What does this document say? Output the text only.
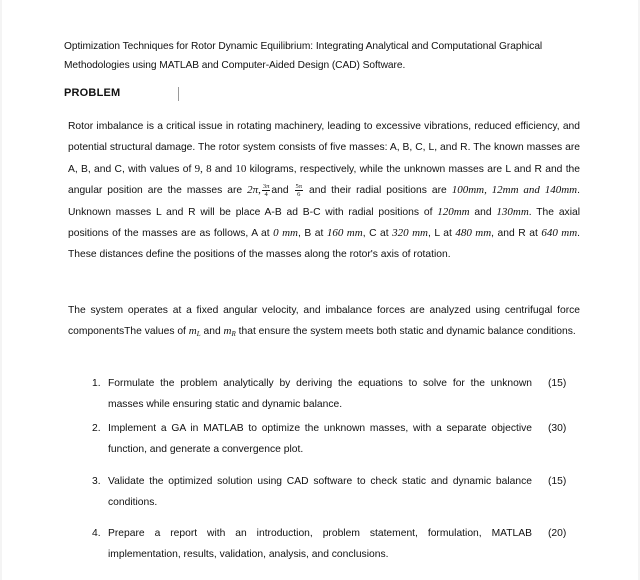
Optimization Techniques for Rotor Dynamic Equilibrium: Integrating Analytical and Computational Graphical Methodologies using MATLAB and Computer-Aided Design (CAD) Software.
PROBLEM
Rotor imbalance is a critical issue in rotating machinery, leading to excessive vibrations, reduced efficiency, and potential structural damage. The rotor system consists of five masses: A, B, C, L, and R. The known masses are A, B, and C, with values of 9, 8 and 10 kilograms, respectively, while the unknown masses are L and R and the angular position are the masses are 2π, $\frac{3\pi}{4}$ and $\frac{5\pi}{6}$ and their radial positions are 100mm, 12mm and 140mm. Unknown masses L and R will be place A-B ad B-C with radial positions of 120mm and 130mm. The axial positions of the masses are as follows, A at 0 mm, B at 160 mm, C at 320 mm, L at 480 mm, and R at 640 mm. These distances define the positions of the masses along the rotor's axis of rotation.
The system operates at a fixed angular velocity, and imbalance forces are analyzed using centrifugal force componentsThe values of $m_L$ and $m_R$ that ensure the system meets both static and dynamic balance conditions.
1. Formulate the problem analytically by deriving the equations to solve for the unknown masses while ensuring static and dynamic balance.
(15)
2. Implement a GA in MATLAB to optimize the unknown masses, with a separate objective function, and generate a convergence plot.
(30)
3. Validate the optimized solution using CAD software to check static and dynamic balance conditions.
(15)
4. Prepare a report with an introduction, problem statement, formulation, MATLAB implementation, results, validation, analysis, and conclusions.
(20)
